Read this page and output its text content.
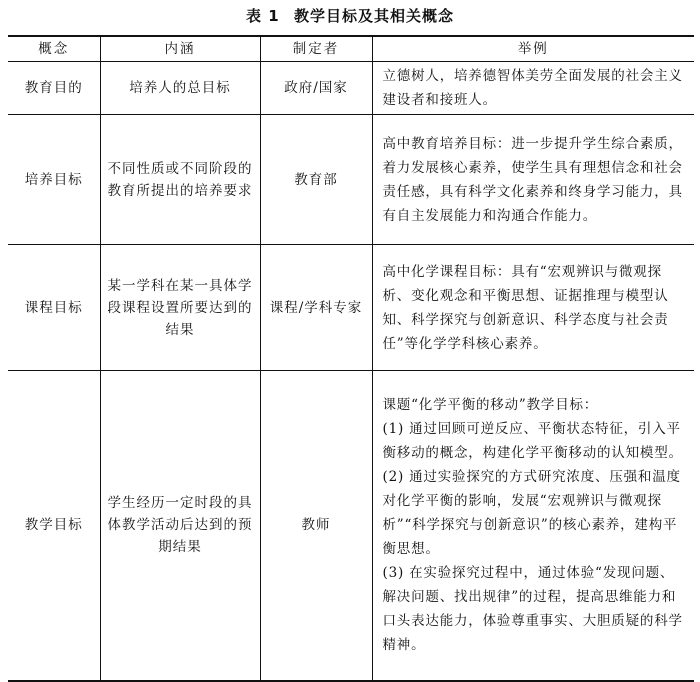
表 1 教学目标及其相关概念
概念	内涵	制定者	举例
教育目的	培养人的总目标	政府/国家	立德树人，培养德智体美劳全面发展的社会主义建设者和接班人。

培养目标	不同性质或不同阶段的教育所提出的培养要求	教育部	高中教育培养目标：进一步提升学生综合素质，着力发展核心素养，使学生具有理想信念和社会责任感，具有科学文化素养和终身学习能力，具有自主发展能力和沟通合作能力。

课程目标	某一学科在某一具体学段课程设置所要达到的结果	课程/学科专家	高中化学课程目标：具有“宏观辨识与微观探析、变化观念和平衡思想、证据推理与模型认知、科学探究与创新意识、科学态度与社会责任”等化学学科核心素养。

教学目标	学生经历一定时段的具体教学活动后达到的预期结果	教师	课题“化学平衡的移动”教学目标：
(1) 通过回顾可逆反应、平衡状态特征，引入平衡移动的概念，构建化学平衡移动的认知模型。
(2) 通过实验探究的方式研究浓度、压强和温度对化学平衡的影响，发展“宏观辨识与微观探析”“科学探究与创新意识”的核心素养，建构平衡思想。
(3) 在实验探究过程中，通过体验“发现问题、解决问题、找出规律”的过程，提高思维能力和口头表达能力，体验尊重事实、大胆质疑的科学精神。
